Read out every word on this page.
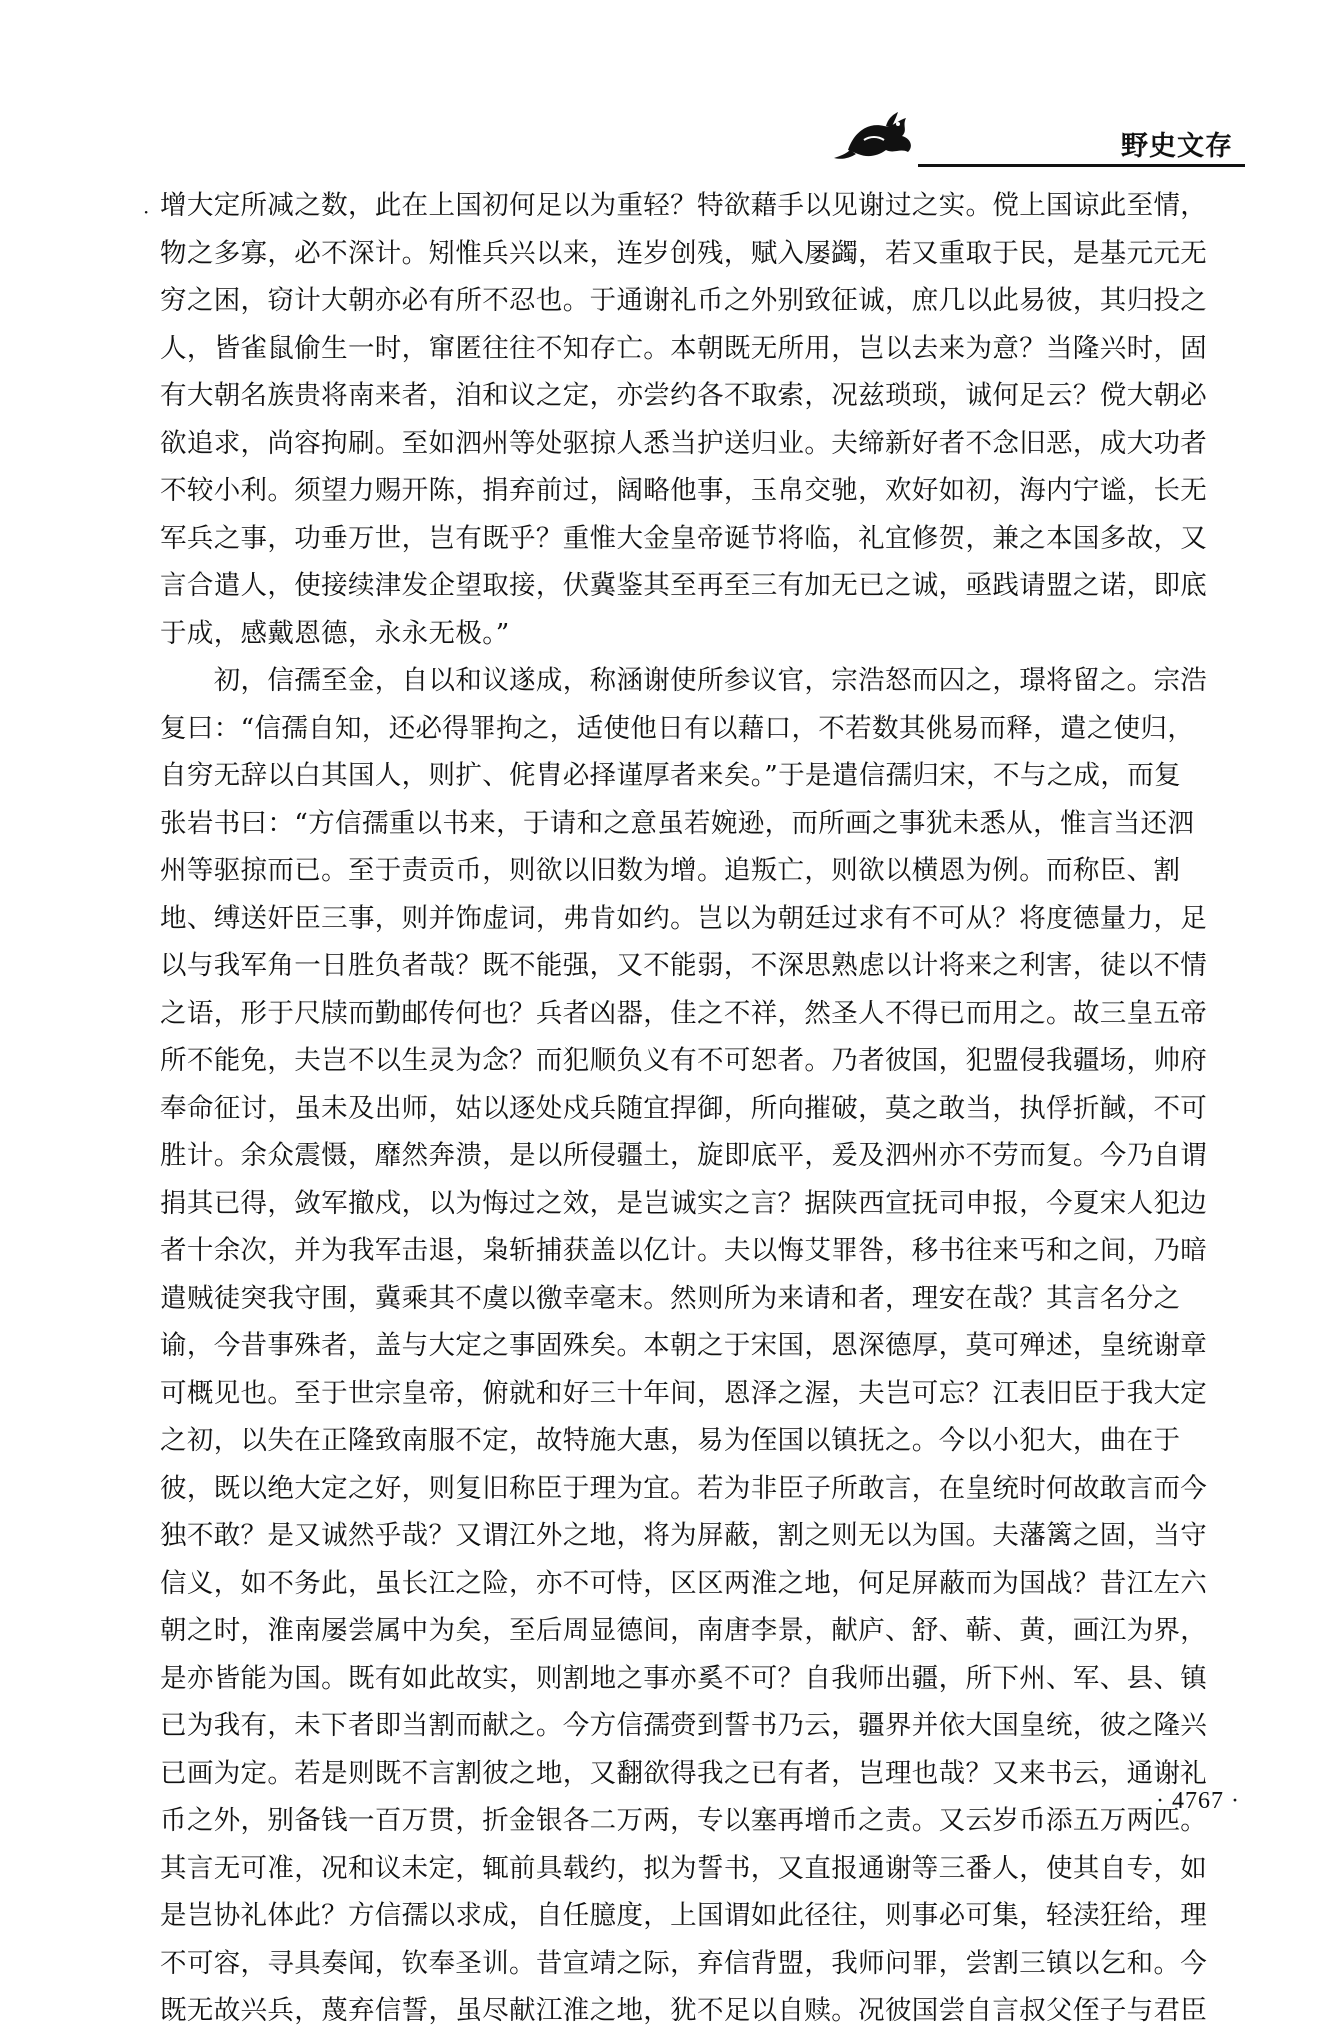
野史文存
· 增大定所减之数，此在上国初何足以为重轻？特欲藉手以见谢过之实。傥上国谅此至情，

物之多寡，必不深计。矧惟兵兴以来，连岁创残，赋入屡蠲，若又重取于民，是基元元无

穷之困，窃计大朝亦必有所不忍也。于通谢礼币之外别致征诚，庶几以此易彼，其归投之

人，皆雀鼠偷生一时，窜匿往往不知存亡。本朝既无所用，岂以去来为意？当隆兴时，固

有大朝名族贵将南来者，洎和议之定，亦尝约各不取索，况兹琐琐，诚何足云？傥大朝必

欲追求，尚容拘刷。至如泗州等处驱掠人悉当护送归业。夫缔新好者不念旧恶，成大功者

不较小利。须望力赐开陈，捐弃前过，阔略他事，玉帛交驰，欢好如初，海内宁谧，长无

军兵之事，功垂万世，岂有既乎？重惟大金皇帝诞节将临，礼宜修贺，兼之本国多故，又

言合遣人，使接续津发企望取接，伏冀鉴其至再至三有加无已之诚，亟践请盟之诺，即底

于成，感戴恩德，永永无极。”

　　初，信孺至金，自以和议遂成，称涵谢使所参议官，宗浩怒而囚之，璟将留之。宗浩

复曰：“信孺自知，还必得罪拘之，适使他日有以藉口，不若数其佻易而释，遣之使归，

自穷无辞以白其国人，则扩、侂胄必择谨厚者来矣。”于是遣信孺归宋，不与之成，而复

张岩书曰：“方信孺重以书来，于请和之意虽若婉逊，而所画之事犹未悉从，惟言当还泗

州等驱掠而已。至于责贡币，则欲以旧数为增。追叛亡，则欲以横恩为例。而称臣、割

地、缚送奸臣三事，则并饰虚词，弗肯如约。岂以为朝廷过求有不可从？将度德量力，足

以与我军角一日胜负者哉？既不能强，又不能弱，不深思熟虑以计将来之利害，徒以不情

之语，形于尺牍而勤邮传何也？兵者凶器，佳之不祥，然圣人不得已而用之。故三皇五帝

所不能免，夫岂不以生灵为念？而犯顺负义有不可恕者。乃者彼国，犯盟侵我疆场，帅府

奉命征讨，虽未及出师，姑以逐处戍兵随宜捍御，所向摧破，莫之敢当，执俘折馘，不可

胜计。余众震慑，靡然奔溃，是以所侵疆土，旋即底平，爰及泗州亦不劳而复。今乃自谓

捐其已得，敛军撤戍，以为悔过之效，是岂诚实之言？据陕西宣抚司申报，今夏宋人犯边

者十余次，并为我军击退，枭斩捕获盖以亿计。夫以悔艾罪咎，移书往来丐和之间，乃暗

遣贼徒突我守围，冀乘其不虞以徼幸毫末。然则所为来请和者，理安在哉？其言名分之

谕，今昔事殊者，盖与大定之事固殊矣。本朝之于宋国，恩深德厚，莫可殚述，皇统谢章

可概见也。至于世宗皇帝，俯就和好三十年间，恩泽之渥，夫岂可忘？江表旧臣于我大定

之初，以失在正隆致南服不定，故特施大惠，易为侄国以镇抚之。今以小犯大，曲在于

彼，既以绝大定之好，则复旧称臣于理为宜。若为非臣子所敢言，在皇统时何故敢言而今

独不敢？是又诚然乎哉？又谓江外之地，将为屏蔽，割之则无以为国。夫藩篱之固，当守

信义，如不务此，虽长江之险，亦不可恃，区区两淮之地，何足屏蔽而为国战？昔江左六

朝之时，淮南屡尝属中为矣，至后周显德间，南唐李景，献庐、舒、蕲、黄，画江为界，

是亦皆能为国。既有如此故实，则割地之事亦奚不可？自我师出疆，所下州、军、县、镇

已为我有，未下者即当割而献之。今方信孺赍到誓书乃云，疆界并依大国皇统，彼之隆兴

已画为定。若是则既不言割彼之地，又翻欲得我之已有者，岂理也哉？又来书云，通谢礼

币之外，别备钱一百万贯，折金银各二万两，专以塞再增币之责。又云岁币添五万两匹。

其言无可准，况和议未定，辄前具载约，拟为誓书，又直报通谢等三番人，使其自专，如

是岂协礼体此？方信孺以求成，自任臆度，上国谓如此径往，则事必可集，轻渎狂给，理

不可容，寻具奏闻，钦奉圣训。昔宣靖之际，弃信背盟，我师问罪，尝割三镇以乞和。今

既无故兴兵，蔑弃信誓，虽尽献江淮之地，犹不足以自赎。况彼国尝自言叔父侄子与君臣

· 4767 ·
